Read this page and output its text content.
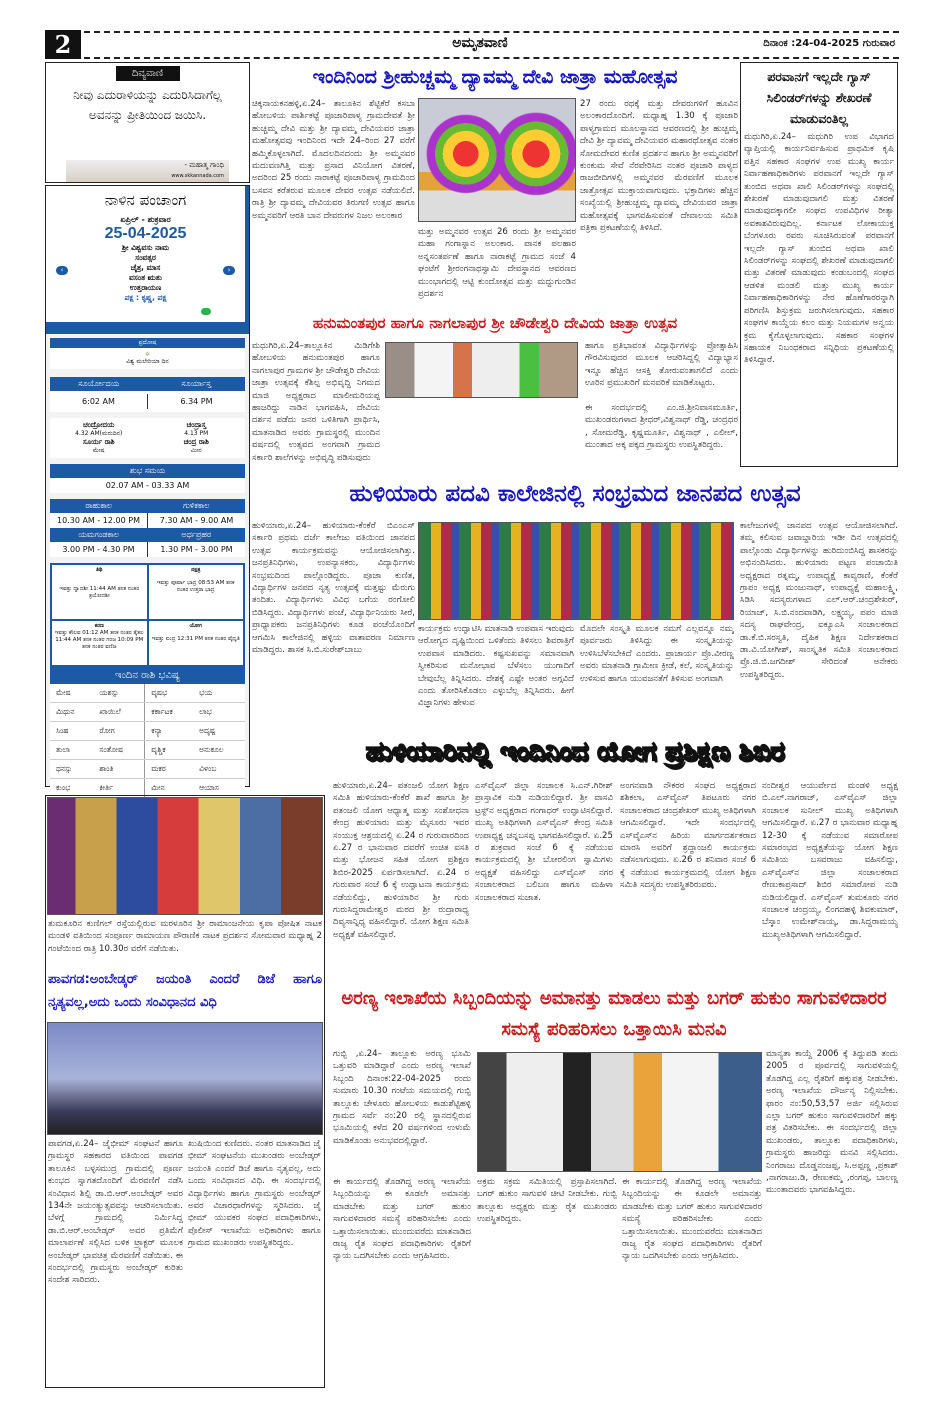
2	ಅಮೃತವಾಣಿ	ದಿನಾಂಕ :24-04-2025 ಗುರುವಾರ
ದಿವ್ಯವಾಣಿ
ನೀವು ಎದುರಾಳಿಯನ್ನು ಎದುರಿಸಿದಾಗೆಲ್ಲ ಅವನನ್ನು ಪ್ರೀತಿಯಿಂದ ಜಯಿಸಿ.
- ಮಹಾತ್ಮ ಗಾಂಧಿ
www.skkannada.com
ನಾಳಿನ ಪಂಚಾಂಗ
ಏಪ್ರಿಲ್ - ಶುಕ್ರವಾರ
25-04-2025
ಶ್ರೀ ವಿಶ್ವವಸು ನಾಮ
ಸಂವತ್ಸರ
ಚೈತ್ರ, ಮಾಸ
ವಸಂತ ಋತು
ಉತ್ತರಾಯಣ
ಪಕ್ಷ : ಕೃಷ್ಣ, ಪಕ್ಷ
‹	›
ಪ್ರದೋಷ
✲
ವಿಶ್ವ ಮಲೇರಿಯಾ ದಿನ
ಸೂರ್ಯೋದಯ	ಸೂರ್ಯಾಸ್ತ
6:02 AM	6.34 PM
ಚಂದ್ರೋದಯ	ಚಂದ್ರಾಸ್ತ
4.32 AM(ಮರುದಿನ)	4.13 PM
ಸೂರ್ಯ ರಾಶಿ	ಚಂದ್ರ ರಾಶಿ
ಮೇಷ	ಮೀನ
ಶುಭ ಸಮಯ
02.07 AM - 03.33 AM
ರಾಹುಕಾಲ	ಗುಳಿಕಕಾಲ
10.30 AM - 12.00 PM	7.30 AM - 9.00 AM
ಯಮಗಂಡಕಾಲ	ಅರ್ಧಪ್ರಹರ
3.00 PM - 4.30 PM	1.30 PM - 3.00 PM
ತಿಥಿ
ಇವತ್ತು ದ್ವಾದಶೀ 11:44 AM ತನಕ ನಂತರ ತ್ರಯೋದಶೀ
ನಕ್ಷತ್ರ
ಇವತ್ತು ಪೂರ್ವಾ ಭಾದ್ರ 08:53 AM ತನಕ ನಂತರ ಉತ್ತರಾ ಭಾದ್ರ
ಕರಣ
ಇವತ್ತು ಕೌಲವ 01:12 AM ತನಕ ನಂತರ ತೈತಲ 11:44 AM ತನಕ ನಂತರ ಗರಜ 10:09 PM ತನಕ ನಂತರ ವಣಿಜ
ಯೋಗ
ಇವತ್ತು ಐಂದ್ರ 12:31 PM ತನಕ ನಂತರ ವೈಧೃತಿ
ಇಂದಿನ ರಾಶಿ ಭವಿಷ್ಯ
ಮೇಷ	ಯಶಸ್ಸು	ವೃಷಭ	ಭಯ
ಮಿಥುನ	ಖಾಯಿಲೆ	ಕರ್ಕಾಟಕ	ಲಾಭ
ಸಿಂಹ	ರೋಗ	ಕನ್ಯಾ	ಅದೃಷ್ಟ
ತುಲಾ	ಸಂತೋಷ	ವೃಶ್ಚಿಕ	ಅನುಕೂಲ
ಧನಸ್ಸು	ಶಾಂತಿ	ಮಕರ	ವಿಳಂಬ
ಕುಂಭ	ಕೀರ್ತಿ	ಮೀನ	ಆಯಾಸ
ಇಂದಿನಿಂದ ಶ್ರೀಹುಚ್ಚಮ್ಮ ದ್ಯಾವಮ್ಮ ದೇವಿ ಜಾತ್ರಾ ಮಹೋತ್ಸವ
ಚಿಕ್ಕನಾಯಕನಹಳ್ಳಿ,ಏ.24– ತಾಲೂಕಿನ ಶೆಟ್ಟಿಕೆರೆ ಕಸಬಾ ಹೋಬಳಿಯ ಪಾರ್ಶಿಕಟ್ಟೆ ಪೂಜಾರಿಪಾಳ್ಯ ಗ್ರಾಮದೇವತೆ ಶ್ರೀ ಹುಚ್ಚಮ್ಮ ದೇವಿ ಮತ್ತು ಶ್ರೀ ದ್ಯಾವಮ್ಮ ದೇವಿಯವರ ಜಾತ್ರಾ ಮಹೋತ್ಸವವು ಇಂದಿನಿಂದ ಇದೇ 24–ರಿಂದ 27 ವರೆಗೆ ಹಮ್ಮಿಕೊಳ್ಳಲಾಗಿದೆ. ಮೊದಲದಿನದಂದು ಶ್ರೀ ಅಮ್ಮನವರ ಮದುವಣಗಿತ್ತಿ ಮತ್ತು ಪ್ರಸಾದ ವಿನಿಯೋಗ ವಿತರಣೆ, ಅದರಿಂದ 25 ರಂದು ನಾರಾಕಟ್ಟೆ ಪೂಜಾರಿಪಾಳ್ಯ ಗ್ರಾಮದಿಂದ ಬಸವನ ಕರೆತರುವ ಮೂಲಕ ದೇವರ ಉತ್ಸವ ನಡೆಯಲಿದೆ. ರಾತ್ರಿ ಶ್ರೀ ದ್ಯಾವಮ್ಮ ದೇವಿಯವರ ತಿರುಗಣಿ ಉತ್ಸವ ಹಾಗೂ ಅಮ್ಮನವರಿಗೆ ಆರತಿ ಬಾನ ದೇವರುಗಳ ನಿಜಲ ಅಲಂಕಾರ
ಮತ್ತು ಅಮ್ಮನವರ ಉತ್ಸವ 26 ರಂದು ಶ್ರೀ ಅಮ್ಮನವರ ಮಹಾ ಗಂಗಾಸ್ನಾನ ಅಲಂಕಾರ. ಪಾನಕ ಪಲಹಾರ ಅನ್ನಸಂತರ್ಪಣೆ ಹಾಗೂ ನಾರಾಕಟ್ಟೆ ಗ್ರಾಮದ ಸಂಜೆ 4 ಘಂಟೆಗೆ ಶ್ರೀರಂಗನಾಥಸ್ವಾಮಿ ದೇವಸ್ಥಾನದ ಆವರಣದ ಮುಂಭಾಗದಲ್ಲಿ ಆಟ್ಟಿ ಕುಂದೋತ್ಸವ ಮತ್ತು ಮದ್ದುಗುಂಡಿನ ಪ್ರದರ್ಶನ
27 ರಂದು ರಥಕ್ಕೆ ಮತ್ತು ದೇವರುಗಳಿಗೆ ಹೂವಿನ ಅಲಂಕಾರದೊಂದಿಗೆ. ಮಧ್ಯಾಹ್ನ 1.30 ಕ್ಕೆ ಪೂಜಾರಿ ಪಾಳ್ಯಗ್ರಾಮದ ಮೂಲಸ್ಥಾನದ ಆವರಣದಲ್ಲಿ ಶ್ರೀ ಹುಚ್ಚಮ್ಮ ದೇವಿ ಶ್ರೀ ದ್ಯಾವಮ್ಮ ದೇವಿಯವರ ಮಹಾರಥೋತ್ಸವ ನಂತರ ಸೋಮದೇವರ ಕುಣಿತ ಪ್ರದರ್ಶನ ಹಾಗೂ ಶ್ರೀ ಅಮ್ಮನವರಿಗೆ ಕುಂಕುಮ ಸೇವೆ ನೆರವೇರಿಸಿದ ನಂತರ ಪೂಜಾರಿ ಪಾಳ್ಯದ ರಾಜಬೀದಿಗಳಲ್ಲಿ ಅಮ್ಮನವರ ಮೆರವಣಿಗೆ ಮೂಲಕ ಜಾತ್ರೋತ್ಸವ ಮುಕ್ತಾಯವಾಗುವುದು. ಭಕ್ತಾದಿಗಳು ಹೆಚ್ಚಿನ ಸಂಖ್ಯೆಯಲ್ಲಿ ಶ್ರೀಹುಚ್ಚಮ್ಮ ದ್ಯಾವಮ್ಮ ದೇವಿಯವರ ಜಾತ್ರಾ ಮಹೋತ್ಸವಕ್ಕೆ ಭಾಗವಹಿಸುವಂತೆ ದೇವಾಲಯ ಸಮಿತಿ ಪತ್ರಿಕಾ ಪ್ರಕಟಣೆಯಲ್ಲಿ ತಿಳಿಸಿದೆ.
ಪರವಾನಗೆ ಇಲ್ಲದೇ ಗ್ಯಾಸ್ ಸಿಲಿಂಡರ್‌ಗಳನ್ನು ಶೇಖರಣೆ ಮಾಡುವಂತಿಲ್ಲ
ಮಧುಗಿರಿ,ಏ.24– ಮಧುಗಿರಿ ಉಪ ವಿಭಾಗದ ವ್ಯಾಪ್ತಿಯಲ್ಲಿ ಕಾರ್ಯನಿರ್ವಹಿಸುವ ಪ್ರಾಥಮಿಕ ಕೃಷಿ ಪತ್ತಿನ ಸಹಕಾರ ಸಂಘಗಳ ಉಪ ಮುಖ್ಯ ಕಾರ್ಯ ನಿರ್ವಾಹಣಾಧಿಕಾರಿಗಳು ಪರವಾನಗೆ ಇಲ್ಲದೇ ಗ್ಯಾಸ್ ತುಂಬಿದ ಅಥವಾ ಖಾಲಿ ಸಿಲಿಂಡರ್‌ಗಳನ್ನು ಸಂಘದಲ್ಲಿ ಶೇಖರಣೆ ಮಾಡುವುದಾಗಲಿ ಮತ್ತು ವಿತರಣೆ ಮಾಡುವುದಕ್ಕಾಗಲೀ ಸಂಘದ ಉಪವಿಧಿಗಳ ರೀತ್ಯಾ ಅವಕಾಶವಿರುವುದಿಲ್ಲ. ಕರ್ನಾಟಕ ಲೋಕಾಯುಕ್ತ ಬೆಂಗಳೂರು ರವರು ಸೂಚಿಸಿರುವಂತೆ ಪರವಾನಗೆ ಇಲ್ಲದೇ ಗ್ಯಾಸ್ ತುಂಬಿದ ಅಥವಾ ಖಾಲಿ ಸಿಲಿಂಡರ್‌ಗಳನ್ನು ಸಂಘದಲ್ಲಿ ಶೇಖರಣೆ ಮಾಡುವುದಾಗಲಿ ಮತ್ತು ವಿತರಣೆ ಮಾಡುವುದು ಕಂಡುಬಂದಲ್ಲಿ ಸಂಘದ ಆಡಳಿತ ಮಂಡಲಿ ಮತ್ತು ಮುಖ್ಯ ಕಾರ್ಯ ನಿರ್ವಾಹಣಾಧಿಕಾರಿಗಳನ್ನು ನೇರ ಹೊಣೆಗಾರರನ್ನಾಗಿ ಪರಿಗಣಿಸಿ ಶಿಸ್ತುಕ್ರಮ ಜರುಗಿಸಲಾಗುವುದು. ಸಹಕಾರ ಸಂಘಗಳ ಕಾಯ್ದೆಯ ಕಲಂ ಮತ್ತು ನಿಯಮಗಳ ಅನ್ವಯ ಕ್ರಮ ಕೈಗೊಳ್ಳಲಾಗುವುದು. ಸಹಕಾರ ಸಂಘಗಳ ಸಹಾಯಕ ನಿಬಂಧಕರಾದ ಸನ್ನಿಧಿಯ ಪ್ರಕಟಣೆಯಲ್ಲಿ ತಿಳಿಸಿದ್ದಾರೆ.
ಹನುಮಂತಪುರ ಹಾಗೂ ನಾಗಲಾಪುರ ಶ್ರೀ ಚೌಡೇಶ್ವರಿ ದೇವಿಯ ಜಾತ್ರಾ ಉತ್ಸವ
ಮಧುಗಿರಿ,ಏ.24–ತಾಲ್ಲೂಕಿನ ಮಿಡಿಗೇಶಿ ಹೋಬಳಿಯ ಹನುಮಂತಪುರ ಹಾಗೂ ನಾಗಲಾಪುರ ಗ್ರಾಮಗಳ ಶ್ರೀ ಚೌಡೇಶ್ವರಿ ದೇವಿಯ ಜಾತ್ರಾ ಉತ್ಸವಕ್ಕೆ ಕೆಶಿಲ್ಪ ಅಭಿವೃದ್ಧಿ ನಿಗಮದ ಮಾಜಿ ಅಧ್ಯಕ್ಷರಾದ ಮಾಲೀಮರಿಯಪ್ಪ ಹಾಜರಿದ್ದು ನಾಡಿನ ಭಾಗವಹಿಸಿ, ದೇವಿಯ ದರ್ಶನ ಪಡೆದು ಜನರ ಒಳಿತಿಗಾಗಿ ಪ್ರಾರ್ಥಿಸಿ, ಮಾತನಾಡಿದ ಅವರು ಗ್ರಾಮಸ್ಥರಲ್ಲಿ ಮುಂದಿನ ವರ್ಷದಲ್ಲಿ ಉತ್ಸವದ ಅಂಗವಾಗಿ ಗ್ರಾಮದ ಸರ್ಕಾರಿ ಶಾಲೆಗಳನ್ನು ಅಭಿವೃದ್ಧಿ ಪಡಿಸುವುದು
ಹಾಗೂ ಪ್ರತಿಭಾವಂತ ವಿದ್ಯಾರ್ಥಿಗಳನ್ನು ಪ್ರೋತ್ಸಾಹಿಸಿ ಗೌರವಿಸುವುದರ ಮೂಲಕ ಆಚರಿಸಿದ್ದಲ್ಲಿ ವಿದ್ಯಾಭ್ಯಾಸ ಇನ್ನೂ ಹೆಚ್ಚಿನ ಆಸಕ್ತಿ ತೋರುವಂತಾಗಲಿದೆ ಎಂದು ಊರಿನ ಪ್ರಮುಖರಿಗೆ ಮನವರಿಕೆ ಮಾಡಿಕೊಟ್ಟರು.
ಈ ಸಂದರ್ಭದಲ್ಲಿ ಎಂ.ಜಿ.ಶ್ರೀನಿವಾಸಮೂರ್ತಿ, ಮುಖಂಡರುಗಳಾದ ಶ್ರೀಧರ್,ವಿಶ್ವನಾಥ್ ರೆಡ್ಡಿ, ಚಂದ್ರಧರ , ಸೋಮರೆಡ್ಡಿ, ಕೃಷ್ಣಮೂರ್ತಿ, ವಿಶ್ವನಾಥ್ , ಎಲೀಲ್, ಮುಂತಾದ ಅಕ್ಕ ಪಕ್ಕದ ಗ್ರಾಮಸ್ಥರು ಉಪಸ್ಥಿತರಿದ್ದರು.
ಹುಳಿಯಾರು ಪದವಿ ಕಾಲೇಜಿನಲ್ಲಿ ಸಂಭ್ರಮದ ಜಾನಪದ ಉತ್ಸವ
ಹುಳಿಯಾರು,ಏ.24– ಹುಳಿಯಾರು-ಕೆಂಕೆರೆ ಬಿಎಂಎಸ್ ಸರ್ಕಾರಿ ಪ್ರಥಮ ದರ್ಜೆ ಕಾಲೇಜು ವತಿಯಿಂದ ಜಾನಪದ ಉತ್ಸವ ಕಾರ್ಯಕ್ರಮವನ್ನು ಆಯೋಜಿಸಲಾಗಿತ್ತು. ಜನಪ್ರತಿನಿಧಿಗಳು, ಉಪನ್ಯಾಸಕರು, ವಿದ್ಯಾರ್ಥಿಗಳು ಸಂಭ್ರಮದಿಂದ ಪಾಲ್ಗೊಂಡಿದ್ದರು. ಪೂಜಾ ಕುಣಿತ, ವಿದ್ಯಾರ್ಥಿಗಳ ಜನಪದ ನೃತ್ಯ ಉತ್ಸವಕ್ಕೆ ಮತ್ತಷ್ಟು ಮೆರುಗು ತಂದಿತು. ವಿದ್ಯಾರ್ಥಿಗಳು ವಿವಿಧ ಬಗೆಯ ರಂಗೋಲಿ ಬಿಡಿಸಿದ್ದರು. ವಿದ್ಯಾರ್ಥಿಗಳು ಪಂಚೆ, ವಿದ್ಯಾರ್ಥಿನಿಯರು ಸೀರೆ, ಪ್ರಾಧ್ಯಾಪಕರು ಜನಪ್ರತಿನಿಧಿಗಳು ಕೂಡ ಪಂಚೆಯೊಂದಿಗೆ ಆಗಮಿಸಿ ಕಾಲೇಜಿನಲ್ಲಿ ಹಳ್ಳಿಯ ವಾತಾವರಣ ನಿರ್ಮಾಣ ಮಾಡಿದ್ದರು. ಶಾಸಕ ಸಿ.ಬಿ.ಸುರೇಶ್‌ಬಾಬು
ಕಾರ್ಯಕ್ರಮ ಉದ್ಘಾಟಿಸಿ ಮಾತನಾಡಿ ಉಪವಾಸ ಇರುವುದು ಆರೋಗ್ಯದ ದೃಷ್ಟಿಯಿಂದ ಒಳಿತೆಂದು ತಿಳಿಸಲು ಶಿವರಾತ್ರಿಗೆ ಉಪವಾಸ ಮಾಡಿದರು. ಕಷ್ಟಸುಖವನ್ನು ಸಮಾನವಾಗಿ ಸ್ವೀಕರಿಸುವ ಮನೋಭಾವ ಬೆಳೆಸಲು ಯುಗಾದಿಗೆ ಬೇವುಬೆಲ್ಲ ತಿನ್ನಿಸಿದರು. ದೇಶಕ್ಕೆ ಎಷ್ಟೇ ಅಂತರ ಅಗ್ಗವಿದೆ ಎಂದು ತೋರಿಸಿಕೊಡಲು ಎಳ್ಳುಬೆಲ್ಲ ತಿನ್ನಿಸಿದರು. ಹೀಗೆ ವಿಜ್ಞಾನಿಗಳು ಹೇಳುವ
ಮೊದಲೇ ಸಂಸ್ಕೃತಿ ಮೂಲಕ ನಮಗೆ ಎಲ್ಲವನ್ನೂ ನಮ್ಮ ಪೂರ್ವಜರು ತಿಳಿಸಿದ್ದು ಈ ಸಂಸ್ಕೃತಿಯನ್ನು ಉಳಿಸಿಬೆಳೆಸಬೇಕಿದೆ ಎಂದರು. ಪ್ರಾಚಾರ್ಯ ಪ್ರೊ.ವೀರಣ್ಣ ಅವರು ಮಾತನಾಡಿ ಗ್ರಾಮೀಣ ಕ್ರೀಡೆ, ಕಲೆ, ಸಂಸ್ಕೃತಿಯನ್ನು ಉಳಿಸುವ ಹಾಗೂ ಯುವಜನತೆಗೆ ತಿಳಿಸುವ ಅಂಗವಾಗಿ
ಕಾಲೇಜುಗಳಲ್ಲಿ ಜಾನಪದ ಉತ್ಸವ ಆಯೋಜಿಸಲಾಗಿದೆ. ತಮ್ಮ ಕಲಿಸುವ ಜವಾಬ್ದಾರಿಯ ಇಡೀ ದಿನ ಉತ್ಸವದಲ್ಲಿ ಪಾಲ್ಗೊಂಡು ವಿದ್ಯಾರ್ಥಿಗಳನ್ನು ಹುರಿದುಂಬಿಸಿದ್ದ ಶಾಸಕರನ್ನು ಅಭಿನಂದಿಸಿದರು. ಹುಳಿಯಾರು ಪಟ್ಟಣ ಪಂಚಾಯಿತಿ ಅಧ್ಯಕ್ಷರಾದ ರತ್ನಮ್ಮ, ಉಪಾಧ್ಯಕ್ಷೆ ಕಾವ್ಯರಾಣಿ, ಕೆಂಕೆರೆ ಗ್ರಾಪಂ ಅಧ್ಯಕ್ಷ ಮಂಜುನಾಥ್, ಉಪಾಧ್ಯಕ್ಷೆ ಮಹಾಲಕ್ಷ್ಮಿ, ಸಿಡಿಸಿ ಸದಸ್ಯರುಗಳಾದ ಎಲ್.ಆರ್.ಚಂದ್ರಶೇಖರ್, ರಿಯಾಜ್, ಸಿ.ಬಿ.ನಂದವಾಡಿಗಿ, ಲಕ್ಷ್ಮಯ್ಯ, ಪಪಂ ಮಾಜಿ ಸದಸ್ಯ ರಾಘವೇಂದ್ರ, ಐಕ್ಯೂಎಸಿ ಸಂಚಾಲಕರಾದ ಡಾ.ಕೆ.ಬಿ.ಸರಸ್ವತಿ, ದೈಹಿಕ ಶಿಕ್ಷಣ ನಿರ್ದೇಶಕರಾದ ಡಾ.ವಿ.ಯೋಗೀಶ್, ಸಾಂಸ್ಕೃತಿಕ ಸಮಿತಿ ಸಂಚಾಲಕರಾದ ಪ್ರೊ.ಜಿ.ಬಿ.ಜಗದೀಶ್ ಸೇರಿದಂತೆ ಅನೇಕರು ಉಪಸ್ಥಿತರಿದ್ದರು.
ಹುಳಿಯಾರಿನಲ್ಲಿ ಇಂದಿನಿಂದ ಯೋಗ ಪ್ರಶಿಕ್ಷಣ ಶಿಬಿರ
ಹುಳಿಯಾರು,ಏ.24– ಪತಂಜಲಿ ಯೋಗ ಶಿಕ್ಷಣ ಸಮಿತಿ ಹುಳಿಯಾರು-ಕೆಂಕೆರೆ ಶಾಖೆ ಹಾಗೂ ಶ್ರೀ ಪತಂಜಲಿ ಯೋಗ ಆಧ್ಯಾತ್ಮ ಮತ್ತು ಸಂಶೋಧನಾ ಕೇಂದ್ರ ಹುಳಿಯಾರು ಮತ್ತು ಮೈಸೂರು ಇವರ ಸಂಯುಕ್ತ ಆಶ್ರಯದಲ್ಲಿ ಏ.24 ರ ಗುರುವಾರದಿಂದ ಏ.27 ರ ಭಾನುವಾರ ದವರೆಗೆ ಉಚಿತ ವಸತಿ ಮತ್ತು ಭೋಜನ ಸಹಿತ ಯೋಗ ಪ್ರಶಿಕ್ಷಣ ಶಿಬಿರ-2025 ಏರ್ಪಡಿಸಲಾಗಿದೆ. ಏ.24 ರ ಗುರುವಾರ ಸಂಜೆ 6 ಕ್ಕೆ ಉದ್ಘಾಟನಾ ಕಾರ್ಯಕ್ರಮ ನಡೆಯಲಿದ್ದು, ಹುಳಿಯಾರಿನ ಶ್ರೀ ಗುರು ಗುರುಸಿದ್ದರಾಮೇಶ್ವರ ಮಠದ ಶ್ರೀ ರುದ್ರಾರಾಧ್ಯ ದಿವ್ಯಸಾನ್ನಿಧ್ಯ ವಹಿಸಲಿದ್ದಾರೆ. ಯೋಗ ಶಿಕ್ಷಣ ಸಮಿತಿ ಅಧ್ಯಕ್ಷತೆ ವಹಿಸಲಿದ್ದಾರೆ.
ಎಸ್‌ವೈಎಸ್ ಜಿಲ್ಲಾ ಸಂಚಾಲಕ ಸಿ.ಎನ್.ಗಿರೀಶ್ ಪ್ರಾಸ್ತಾವಿಕ ನುಡಿ ನುಡಿಯಲಿದ್ದಾರೆ. ಶ್ರೀ ವಾಸವಿ ಟ್ರಸ್ಟ್‌ನ ಅಧ್ಯಕ್ಷರಾದ ಗಂಗಾಧರ್ ಉದ್ಘಾಟಿಸಲಿದ್ದಾರೆ. ಮುಖ್ಯ ಅತಿಥಿಗಳಾಗಿ ಎಸ್‌ವೈಎಸ್ ಕೇಂದ್ರ ಸಮಿತಿ ಉಪಾಧ್ಯಕ್ಷ ಚನ್ನಬಸಪ್ಪ ಭಾಗವಹಿಸಲಿದ್ದಾರೆ. ಏ.25 ರ ಶುಕ್ರವಾರ ಸಂಜೆ 6 ಕ್ಕೆ ನಡೆಯುವ ಕಾರ್ಯಕ್ರಮದಲ್ಲಿ ಶ್ರೀ ಬೋರಲಿಂಗ ಸ್ವಾಮಿಗಳು ಅಧ್ಯಕ್ಷತೆ ವಹಿಸಲಿದ್ದು ಎಸ್‌ವೈಎಸ್ ನಗರ ಸಂಚಾಲಕರಾದ ಬಲಿಬಣ ಹಾಗೂ ಮಹಿಳಾ ಸಂಚಾಲಕರಾದ ಸುಜಾತ.
ಅಂಗನವಾಡಿ ನೌಕರರ ಸಂಘದ ಅಧ್ಯಕ್ಷರಾದ ಶಶಿಕಲಾ, ಎಸ್‌ವೈಎಸ್ ತಿಪಟೂರು ನಗರ ಸಂಚಾಲಕರಾದ ಚಂದ್ರಶೇಖರ್ ಮುಖ್ಯ ಅತಿಥಿಗಳಾಗಿ ಆಗಮಿಸಲಿದ್ದಾರೆ. ಇದೇ ಸಂದರ್ಭದಲ್ಲಿ ಎಸ್‌ವೈಎಸ್‌ನ ಹಿರಿಯ ಮಾರ್ಗದರ್ಶಕರಾದ ಮಾರಸಿ ಅವರಿಗೆ ಶ್ರದ್ಧಾಂಜಲಿ ಕಾರ್ಯಕ್ರಮ ನಡೆಸಲಾಗುವುದು. ಏ.26 ರ ಶನಿವಾರ ಸಂಜೆ 6 ಕ್ಕೆ ನಡೆಯುವ ಕಾರ್ಯಕ್ರಮದಲ್ಲಿ ಯೋಗ ಶಿಕ್ಷಣ ಸಮಿತಿ ಸದಸ್ಯರು ಉಪಸ್ಥಿತರಿರುವರು.
ನಂದೀಶ್ವರ ಆಯುರ್ವೇದ ಮಂಡಳಿ ಅಧ್ಯಕ್ಷ ಬಿ.ಎಲ್.ನಾಗರಾಜ್, ಎಸ್‌ವೈಎಸ್ ಜಿಲ್ಲಾ ಸಂಚಾಲಕ ಸುನೀಲ್ ಮುಖ್ಯ ಅತಿಥಿಗಳಾಗಿ ಆಗಮಿಸಲಿದ್ದಾರೆ. ಏ.27 ರ ಭಾನುವಾರ ಮಧ್ಯಾಹ್ನ 12-30 ಕ್ಕೆ ನಡೆಯುವ ಸಮಾರೋಪ ಸಮಾರಂಭದ ಅಧ್ಯಕ್ಷತೆಯನ್ನು ಯೋಗ ಶಿಕ್ಷಣ ಸಮಿತಿಯ ಬಸವರಾಜು ವಹಿಸಲಿದ್ದು, ಎಸ್‌ವೈಎಸ್‌ನ ಜಿಲ್ಲಾ ಸಂಚಾಲಕರಾದ ರೇಣುಕಾಪ್ರಸಾದ್ ಶಿಬಿರ ಸಮಾರೋಪ ನುಡಿ ನುಡಿಯಲಿದ್ದಾರೆ. ಎಸ್‌ವೈಎಸ್ ತುಮಕೂರು ನಗರ ಸಂಚಾಲಕ ಚಂದ್ರಯ್ಯ, ಲಿಂಗದಹಳ್ಳಿ ಶಿವಕುಮಾರ್, ಬೆಸ್ಕಾಂ ಉಮೇಶ್‌ನಾಯ್ಕ, ಡಾ.ಸಿದ್ದರಾಮಯ್ಯ ಮುಖ್ಯಅತಿಥಿಗಳಾಗಿ ಆಗಮಿಸಲಿದ್ದಾರೆ.
ತುಮಕೂರಿನ ಕುಣಿಗಲ್ ರಸ್ತೆಯಲ್ಲಿರುವ ಮರಳೂರಿನ ಶ್ರೀ ರಾಮಾಂಜನೇಯ ಕೃಪಾ ಪೋಷಿತ ನಾಟಕ ಮಂಡಳಿ ವತಿಯಿಂದ ಸಂಪೂರ್ಣ ರಾಮಾಯಣ ಪೌರಾಣಿಕ ನಾಟಕ ಪ್ರದರ್ಶನ ಸೋಮವಾರ ಮಧ್ಯಾಹ್ನ 2 ಗಂಟೆಯಿಂದ ರಾತ್ರಿ 10.30ರ ವರೆಗೆ ನಡೆಯಿತು.
ಪಾವಗಡ:ಅಂಬೇಡ್ಕರ್ ಜಯಂತಿ ಎಂದರೆ ಡಿಜೆ ಹಾಗೂ ನೃತ್ಯವಲ್ಲ,ಅದು ಒಂದು ಸಂವಿಧಾನದ ವಿಧಿ
ಪಾವಗಡ,ಏ.24– ಜೈಭೀಮ್ ಸಂಘಟನೆ ಹಾಗೂ ಗ್ರಾಮಸ್ಥರ ಸಹಕಾರದ ವತಿಯಿಂದ ಪಾವಗಡ ತಾಲೂಕಿನ ಬಳ್ಳಸಮುದ್ರ ಗ್ರಾಮದಲ್ಲಿ ಪೂರ್ಣ ಕುಂಭದ ಸ್ವಾಗತದೊಂದಿಗೆ ಮೆರವಣಿಗೆ ನಡೆಸಿ ಸಂವಿಧಾನ ಶಿಲ್ಪಿ ಡಾ.ಬಿ.ಆರ್.ಅಂಬೇಡ್ಕರ್ ಅವರ 134ನೇ ಜಯಂತ್ಯುತ್ಸವವನ್ನು ಆಚರಿಸಲಾಯಿತು. ಬೆಳಗ್ಗೆ ಗ್ರಾಮದಲ್ಲಿ ನಿರ್ಮಿಸಿದ್ದ ಡಾ.ಬಿ.ಆರ್.ಅಂಬೇಡ್ಕರ್ ಅವರ ಪ್ರತಿಮೆಗೆ ಮಾಲಾರ್ಪಣೆ ಸಲ್ಲಿಸಿದ ಬಳಿಕ ಟ್ರ್ಯಾಕ್ಟರ್ ಮೂಲಕ ಅಂಬೇಡ್ಕರ್ ಭಾವಚಿತ್ರ ಮೆರವಣಿಗೆ ನಡೆಯಿತು. ಈ ಸಂದರ್ಭದಲ್ಲಿ ಗ್ರಾಮಸ್ಥರು ಅಂಬೇಡ್ಕರ್ ಕುರಿತು ಸಂದೇಶ ಸಾರಿದರು.
ಖುಷಿಯಿಂದ ಕುಣಿದರು. ನಂತರ ಮಾತನಾಡಿದ ಜೈ ಭೀಮ್ ಸಂಘಟನೆಯ ಮುಖಂಡರು ಅಂಬೇಡ್ಕರ್ ಜಯಂತಿ ಎಂದರೆ ಡಿಜೆ ಹಾಗೂ ನೃತ್ಯವಲ್ಲ, ಅದು ಒಂದು ಸಂವಿಧಾನದ ವಿಧಿ. ಈ ಸಂದರ್ಭದಲ್ಲಿ ವಿದ್ಯಾರ್ಥಿಗಳು ಹಾಗೂ ಗ್ರಾಮಸ್ಥರು ಅಂಬೇಡ್ಕರ್ ಅವರ ವಿಚಾರಧಾರೆಗಳನ್ನು ಸ್ಮರಿಸಿದರು. ಜೈ ಭೀಮ್ ಯುವಕರ ಸಂಘದ ಪದಾಧಿಕಾರಿಗಳು, ಪೊಲೀಸ್ ಇಲಾಖೆಯ ಅಧಿಕಾರಿಗಳು ಹಾಗೂ ಗ್ರಾಮದ ಮುಖಂಡರು ಉಪಸ್ಥಿತರಿದ್ದರು.
ಅರಣ್ಯ ಇಲಾಖೆಯ ಸಿಬ್ಬಂದಿಯನ್ನು ಅಮಾನತ್ತು ಮಾಡಲು ಮತ್ತು ಬಗರ್ ಹುಕುಂ ಸಾಗುವಳಿದಾರರ ಸಮಸ್ಯೆ ಪರಿಹರಿಸಲು ಒತ್ತಾಯಿಸಿ ಮನವಿ
ಗುಬ್ಬಿ ,ಏ.24– ತಾಲ್ಲೂಕು ಅರಣ್ಯ ಭೂಮಿ ಒತ್ತುವರಿ ಮಾಡಿದ್ದಾರೆ ಎಂದು ಅರಣ್ಯ ಇಲಾಖೆ ಸಿಬ್ಬಂದಿ ದಿನಾಂಕ:22-04-2025 ರಂದು ಸುಮಾರು 10.30 ಗಂಟೆಯ ಸಮಯದಲ್ಲಿ ಗುಬ್ಬಿ ತಾಲ್ಲೂಕು ಚೇಳೂರು ಹೋಬಳಿಯ ಕಾಡುಶೆಟ್ಟಿಹಳ್ಳಿ ಗ್ರಾಮದ ಸರ್ವೆ ನಂ:20 ರಲ್ಲಿ ಸ್ಥಾನದಲ್ಲಿರುವ ಭೂಮಿಯಲ್ಲಿ ಕಳೆದ 20 ವರ್ಷಗಳಿಂದ ಉಳುಮೆ ಮಾಡಿಕೊಂಡು ಅನುಭವದಲ್ಲಿದ್ದಾರೆ.
ಈ ಕಾರ್ಯದಲ್ಲಿ ತೊಡಗಿದ್ದ ಅರಣ್ಯ ಇಲಾಖೆಯ ಸಿಬ್ಬಂದಿಯನ್ನು ಈ ಕೂಡಲೇ ಅಮಾನತ್ತು ಮಾಡಬೇಕು ಮತ್ತು ಬಗರ್ ಹುಕುಂ ಸಾಗುವಳಿದಾರರ ಸಮಸ್ಯೆ ಪರಿಹರಿಸಬೇಕು ಎಂದು ಒತ್ತಾಯಿಸಲಾಯಿತು. ಮುಂದುವರೆದು ಮಾತನಾಡಿದ ರಾಜ್ಯ ರೈತ ಸಂಘದ ಪದಾಧಿಕಾರಿಗಳು ರೈತರಿಗೆ ನ್ಯಾಯ ಒದಗಿಸಬೇಕು ಎಂದು ಆಗ್ರಹಿಸಿದರು.
ಅಕ್ರಮ ಸಕ್ರಮ ಸಮಿತಿಯಲ್ಲಿ ಪ್ರಸ್ತಾಪಿಸಲಾಗಿದೆ. ಬಗರ್ ಹುಕುಂ ಸಾಗುವಳಿ ಚೀಟಿ ನೀಡಬೇಕು. ಗುಬ್ಬಿ ತಾಲ್ಲೂಕು ಅಧ್ಯಕ್ಷರು ಮತ್ತು ರೈತ ಮುಖಂಡರು ಉಪಸ್ಥಿತರಿದ್ದರು.
ಈ ಕಾರ್ಯದಲ್ಲಿ ತೊಡಗಿದ್ದ ಅರಣ್ಯ ಇಲಾಖೆಯ ಸಿಬ್ಬಂದಿಯನ್ನು ಈ ಕೂಡಲೇ ಅಮಾನತ್ತು ಮಾಡಬೇಕು ಮತ್ತು ಬಗರ್ ಹುಕುಂ ಸಾಗುವಳಿದಾರರ ಸಮಸ್ಯೆ ಪರಿಹರಿಸಬೇಕು ಎಂದು ಒತ್ತಾಯಿಸಲಾಯಿತು. ಮುಂದುವರೆದು ಮಾತನಾಡಿದ ರಾಜ್ಯ ರೈತ ಸಂಘದ ಪದಾಧಿಕಾರಿಗಳು ರೈತರಿಗೆ ನ್ಯಾಯ ಒದಗಿಸಬೇಕು ಎಂದು ಆಗ್ರಹಿಸಿದರು.
ಮಾನ್ಯತಾ ಕಾಯ್ದೆ 2006 ಕ್ಕೆ ತಿದ್ದುಪಡಿ ತಂದು 2005 ರ ಪೂರ್ವದಲ್ಲಿ ಸಾಗುವಳಿಯಲ್ಲಿ ತೊಡಗಿದ್ದ ಎಲ್ಲ ರೈತರಿಗೆ ಹಕ್ಕುಪತ್ರ ನೀಡಬೇಕು. ಅರಣ್ಯ ಇಲಾಖೆಯ ದೌರ್ಜನ್ಯ ನಿಲ್ಲಿಸಬೇಕು. ಫಾರಂ ನಂ:50,53,57 ಅರ್ಜಿ ಸಲ್ಲಿಸಿರುವ ಎಲ್ಲಾ ಬಗರ್ ಹುಕುಂ ಸಾಗುವಳಿದಾರರಿಗೆ ಹಕ್ಕು ಪತ್ರ ವಿತರಿಸಬೇಕು. ಈ ಸಂದರ್ಭದಲ್ಲಿ ಜಿಲ್ಲಾ ಮುಖಂಡರು, ತಾಲ್ಲೂಕು ಪದಾಧಿಕಾರಿಗಳು, ಗ್ರಾಮಸ್ಥರು ಹಾಜರಿದ್ದು ಮನವಿ ಸಲ್ಲಿಸಿದರು. ನಿಂಗರಾಜು ದೊಡ್ಡನಂಜಪ್ಪ, ಸಿ.ಅಪ್ಪಣ್ಣ ,ಪ್ರಕಾಶ್ ,ನಾಗರಾಜು.ಡಿ, ರೇಣುಕಮ್ಮ ,ರಂಗಪ್ಪ, ಬಾಲಣ್ಣ ಮುಂತಾದವರು ಭಾಗವಹಿಸಿದ್ದರು.
